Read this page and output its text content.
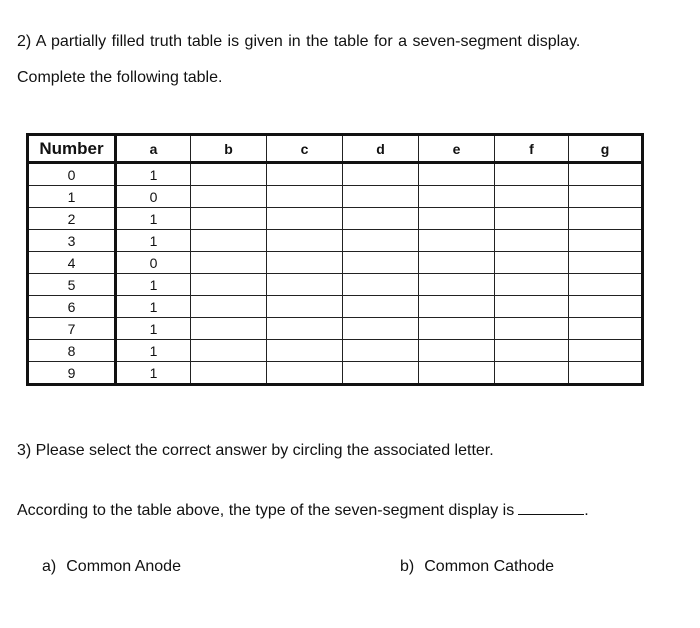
2) A partially filled truth table is given in the table for a seven-segment display.
Complete the following table.
Number	a	b	c	d	e	f	g
0	1						
1	0						
2	1						
3	1						
4	0						
5	1						
6	1						
7	1						
8	1						
9	1						
3) Please select the correct answer by circling the associated letter.
According to the table above, the type of the seven-segment display is	.
a) Common Anode	b) Common Cathode
